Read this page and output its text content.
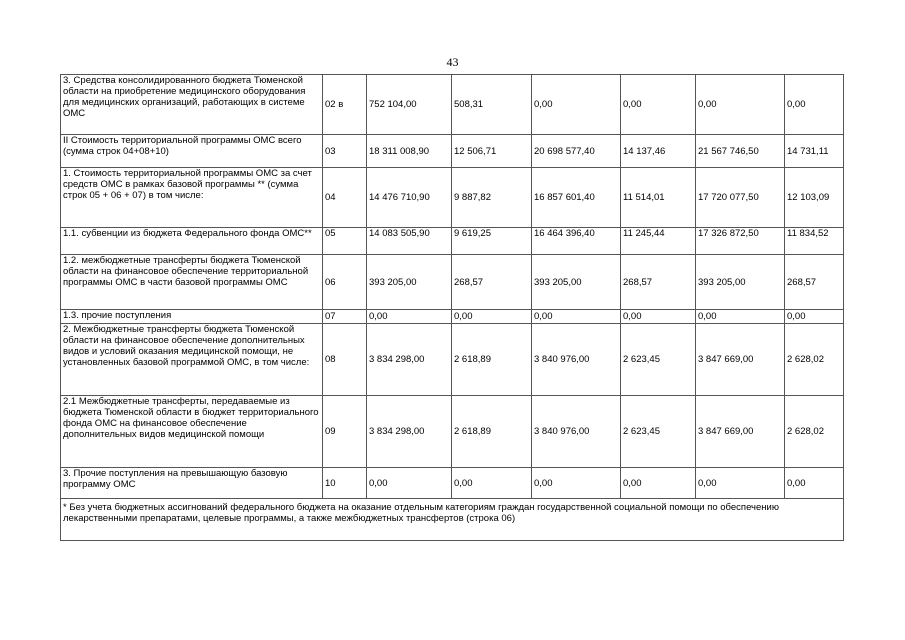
43
3. Средства консолидированного бюджета Тюменской области на приобретение медицинского оборудования для медицинских организаций, работающих в системе ОМС	02 в	752 104,00	508,31	0,00	0,00	0,00	0,00
II Стоимость территориальной программы ОМС всего (сумма строк 04+08+10)	03	18 311 008,90	12 506,71	20 698 577,40	14 137,46	21 567 746,50	14 731,11
1. Стоимость территориальной программы ОМС за счет средств ОМС в рамках базовой программы ** (сумма строк 05 + 06 + 07) в том числе:	04	14 476 710,90	9 887,82	16 857 601,40	11 514,01	17 720 077,50	12 103,09
1.1. субвенции из бюджета Федерального фонда ОМС**	05	14 083 505,90	9 619,25	16 464 396,40	11 245,44	17 326 872,50	11 834,52
1.2. межбюджетные трансферты бюджета Тюменской области на финансовое обеспечение территориальной программы ОМС в части базовой программы ОМС	06	393 205,00	268,57	393 205,00	268,57	393 205,00	268,57
1.3. прочие поступления	07	0,00	0,00	0,00	0,00	0,00	0,00
2. Межбюджетные трансферты бюджета Тюменской области на финансовое обеспечение дополнительных видов и условий оказания медицинской помощи, не установленных базовой программой ОМС, в том числе:	08	3 834 298,00	2 618,89	3 840 976,00	2 623,45	3 847 669,00	2 628,02
2.1 Межбюджетные трансферты, передаваемые из бюджета Тюменской области в бюджет территориального фонда ОМС на финансовое обеспечение дополнительных видов медицинской помощи	09	3 834 298,00	2 618,89	3 840 976,00	2 623,45	3 847 669,00	2 628,02
3. Прочие поступления на превышающую базовую программу ОМС	10	0,00	0,00	0,00	0,00	0,00	0,00
* Без учета бюджетных ассигнований федерального бюджета на оказание отдельным категориям граждан государственной социальной помощи по обеспечению лекарственными препаратами, целевые программы, а также межбюджетных трансфертов (строка 06)							
